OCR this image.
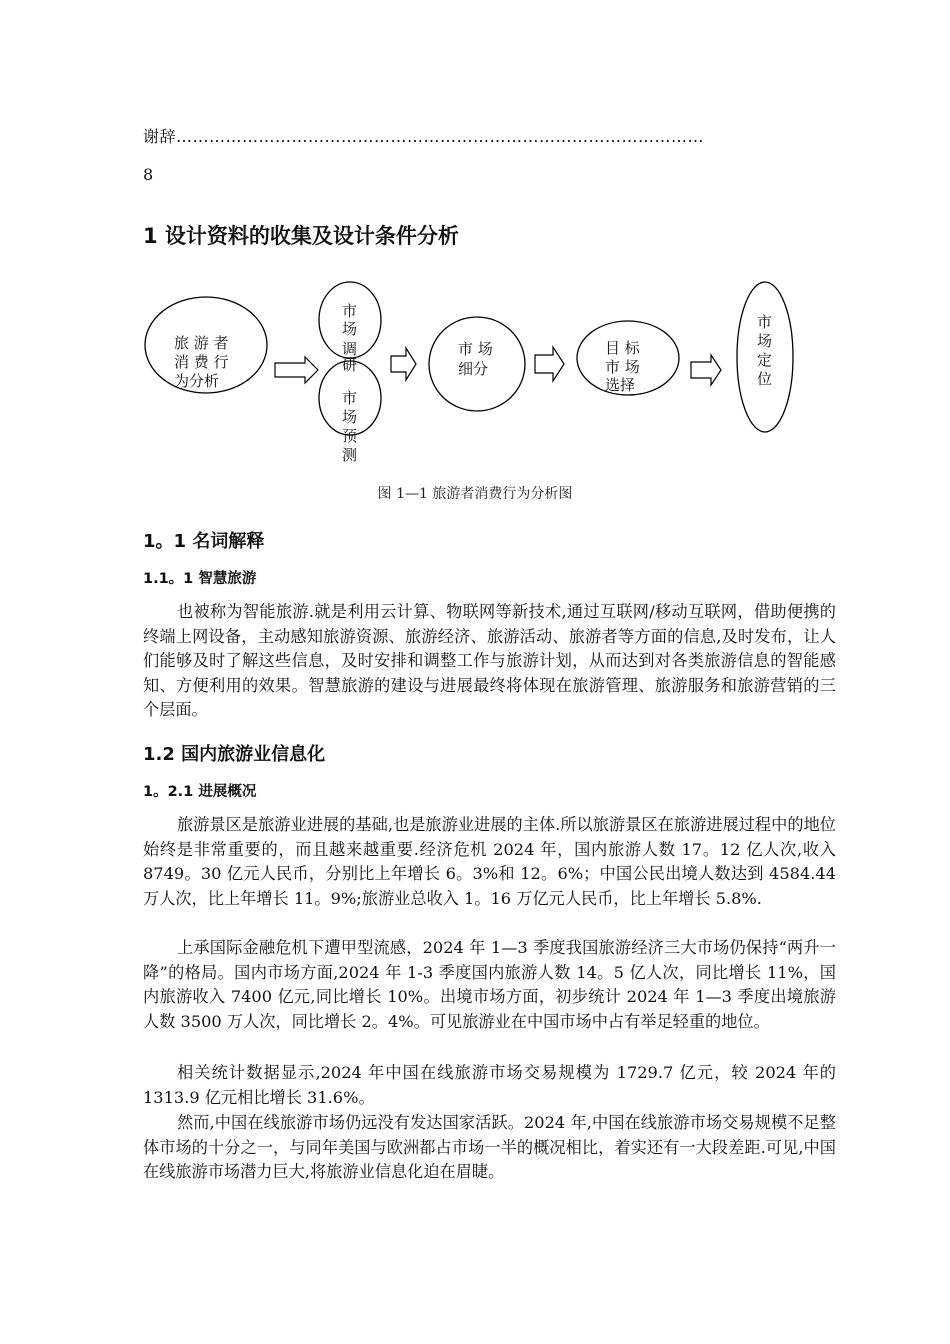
谢辞……………………………………………………………………………………
8
1 设计资料的收集及设计条件分析
旅 游 者
消 费 行
为分析
市
场
调
研
市
场
预
测
市 场
细分
目 标
市 场
选择
市
场
定
位
图 1—1 旅游者消费行为分析图
1。1 名词解释
1.1。1 智慧旅游

也被称为智能旅游.就是利用云计算、物联网等新技术,通过互联网/移动互联网，借助便携的终端上网设备，主动感知旅游资源、旅游经济、旅游活动、旅游者等方面的信息,及时发布，让人们能够及时了解这些信息，及时安排和调整工作与旅游计划，从而达到对各类旅游信息的智能感知、方便利用的效果。智慧旅游的建设与进展最终将体现在旅游管理、旅游服务和旅游营销的三个层面。

1.2 国内旅游业信息化
1。2.1 进展概况

旅游景区是旅游业进展的基础,也是旅游业进展的主体.所以旅游景区在旅游进展过程中的地位始终是非常重要的，而且越来越重要.经济危机 2024 年，国内旅游人数 17。12 亿人次,收入 8749。30 亿元人民币，分别比上年增长 6。3%和 12。6%；中国公民出境人数达到 4584.44 万人次，比上年增长 11。9%;旅游业总收入 1。16 万亿元人民币，比上年增长 5.8%.

上承国际金融危机下遭甲型流感，2024 年 1—3 季度我国旅游经济三大市场仍保持“两升一降”的格局。国内市场方面,2024 年 1-3 季度国内旅游人数 14。5 亿人次，同比增长 11%，国内旅游收入 7400 亿元,同比增长 10%。出境市场方面，初步统计 2024 年 1—3 季度出境旅游人数 3500 万人次，同比增长 2。4%。可见旅游业在中国市场中占有举足轻重的地位。

相关统计数据显示,2024 年中国在线旅游市场交易规模为 1729.7 亿元，较 2024 年的 1313.9 亿元相比增长 31.6%。

然而,中国在线旅游市场仍远没有发达国家活跃。2024 年,中国在线旅游市场交易规模不足整体市场的十分之一，与同年美国与欧洲都占市场一半的概况相比，着实还有一大段差距.可见,中国在线旅游市场潜力巨大,将旅游业信息化迫在眉睫。
